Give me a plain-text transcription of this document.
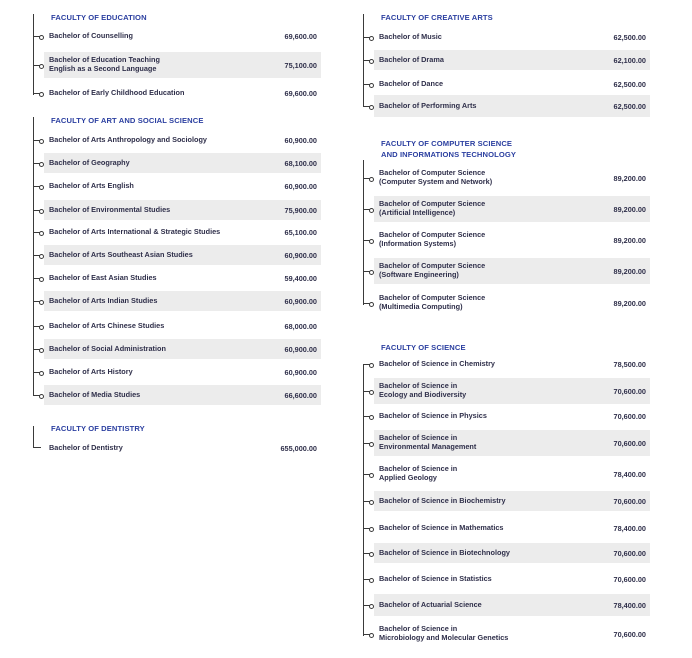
FACULTY OF EDUCATION
Bachelor of Counselling	69,600.00
Bachelor of Education Teaching
English as a Second Language	75,100.00
Bachelor of Early Childhood Education	69,600.00
FACULTY OF ART AND SOCIAL SCIENCE
Bachelor of Arts Anthropology and Sociology	60,900.00
Bachelor of Geography	68,100.00
Bachelor of Arts English	60,900.00
Bachelor of Environmental Studies	75,900.00
Bachelor of Arts International & Strategic Studies	65,100.00
Bachelor of Arts Southeast Asian Studies	60,900.00
Bachelor of East Asian Studies	59,400.00
Bachelor of Arts Indian Studies	60,900.00
Bachelor of Arts Chinese Studies	68,000.00
Bachelor of Social Administration	60,900.00
Bachelor of Arts History	60,900.00
Bachelor of Media Studies	66,600.00
FACULTY OF DENTISTRY
Bachelor of Dentistry	655,000.00
FACULTY OF CREATIVE ARTS
Bachelor of Music	62,500.00
Bachelor of Drama	62,100.00
Bachelor of Dance	62,500.00
Bachelor of Performing Arts	62,500.00
FACULTY OF COMPUTER SCIENCE
AND INFORMATIONS TECHNOLOGY
Bachelor of Computer Science
(Computer System and Network)	89,200.00
Bachelor of Computer Science
(Artificial Intelligence)	89,200.00
Bachelor of Computer Science
(Information Systems)	89,200.00
Bachelor of Computer Science
(Software Engineering)	89,200.00
Bachelor of Computer Science
(Multimedia Computing)	89,200.00
FACULTY OF SCIENCE
Bachelor of Science in Chemistry	78,500.00
Bachelor of Science in
Ecology and Biodiversity	70,600.00
Bachelor of Science in Physics	70,600.00
Bachelor of Science in
Environmental Management	70,600.00
Bachelor of Science in
Applied Geology	78,400.00
Bachelor of Science in Biochemistry	70,600.00
Bachelor of Science in Mathematics	78,400.00
Bachelor of Science in Biotechnology	70,600.00
Bachelor of Science in Statistics	70,600.00
Bachelor of Actuarial Science	78,400.00
Bachelor of Science in
Microbiology and Molecular Genetics	70,600.00
